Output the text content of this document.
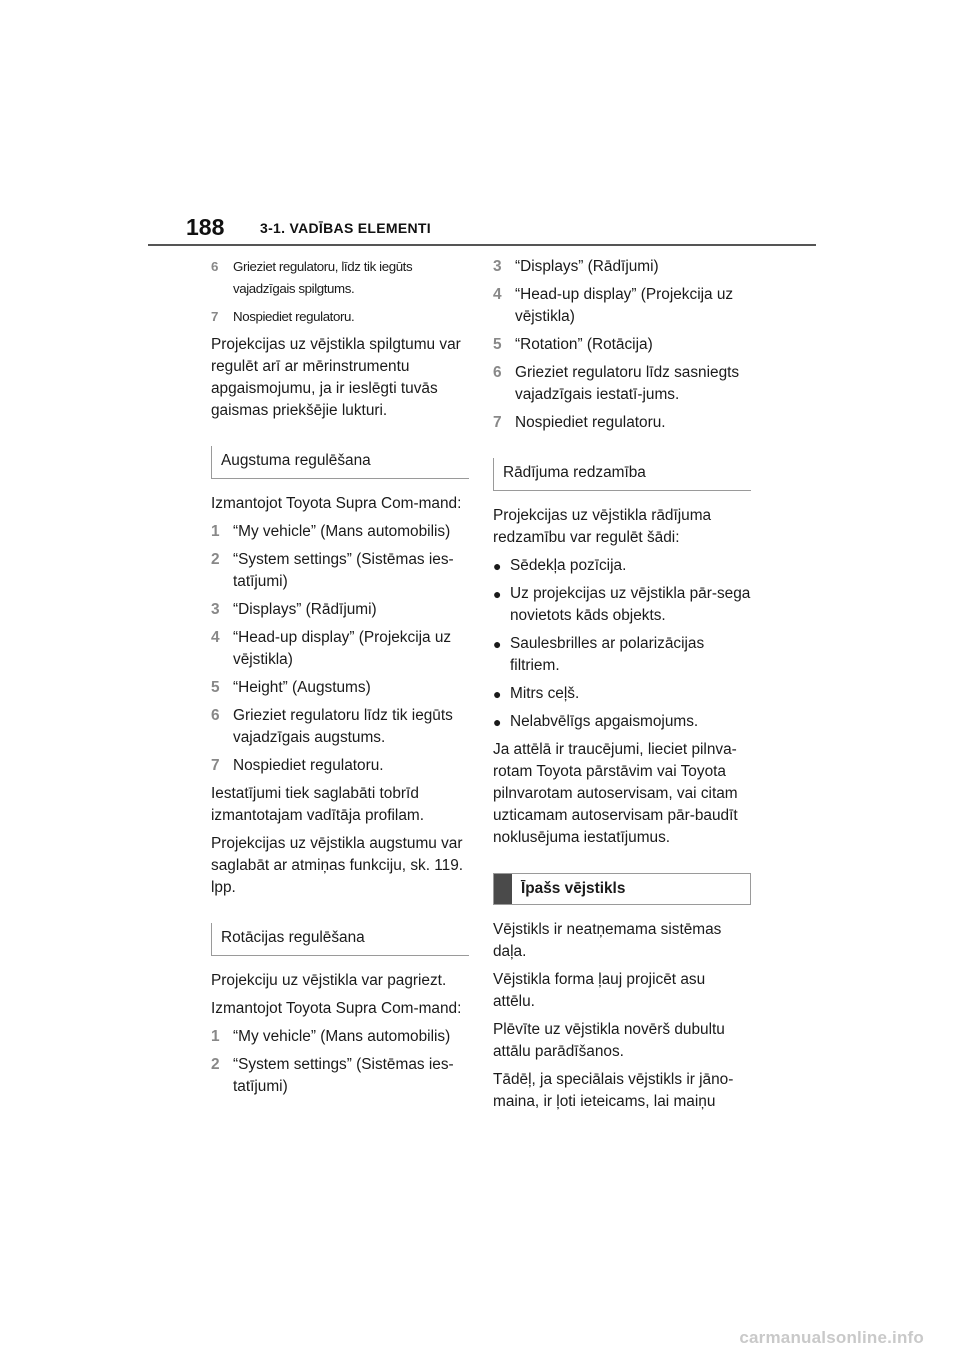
188	3-1. VADĪBAS ELEMENTI
6	Grieziet regulatoru, līdz tik iegūts vajadzīgais spilgtums.
7	Nospiediet regulatoru.

Projekcijas uz vējstikla spilgtumu var regulēt arī ar mērinstrumentu apgaismojumu, ja ir ieslēgti tuvās gaismas priekšējie lukturi.

Augstuma regulēšana

Izmantojot Toyota Supra Com-mand:

1 “My vehicle” (Mans automobilis)
2 “System settings” (Sistēmas ies-tatījumi)
3 “Displays” (Rādījumi)
4 “Head-up display” (Projekcija uz vējstikla)
5 “Height” (Augstums)
6 Grieziet regulatoru līdz tik iegūts vajadzīgais augstums.
7 Nospiediet regulatoru.

Iestatījumi tiek saglabāti tobrīd izmantotajam vadītāja profilam.

Projekcijas uz vējstikla augstumu var saglabāt ar atmiņas funkciju, sk. 119. lpp.

Rotācijas regulēšana

Projekciju uz vējstikla var pagriezt.

Izmantojot Toyota Supra Com-mand:

1 “My vehicle” (Mans automobilis)
2 “System settings” (Sistēmas ies-tatījumi)
3 “Displays” (Rādījumi)
4 “Head-up display” (Projekcija uz vējstikla)
5 “Rotation” (Rotācija)
6 Grieziet regulatoru līdz sasniegts vajadzīgais iestatī-jums.
7 Nospiediet regulatoru.
Rādījuma redzamība

Projekcijas uz vējstikla rādījuma redzamību var regulēt šādi:

● Sēdekļa pozīcija.
● Uz projekcijas uz vējstikla pār-sega novietots kāds objekts.
● Saulesbrilles ar polarizācijas filtriem.
● Mitrs ceļš.
● Nelabvēlīgs apgaismojums.

Ja attēlā ir traucējumi, lieciet pilnva-rotam Toyota pārstāvim vai Toyota pilnvarotam autoservisam, vai citam uzticamam autoservisam pār-baudīt noklusējuma iestatījumus.

Īpašs vējstikls

Vējstikls ir neatņemama sistēmas daļa.

Vējstikla forma ļauj projicēt asu attēlu.

Plēvīte uz vējstikla novērš dubultu attālu parādīšanos.

Tādēļ, ja speciālais vējstikls ir jāno-maina, ir ļoti ieteicams, lai maiņu

carmanualsonline.info
